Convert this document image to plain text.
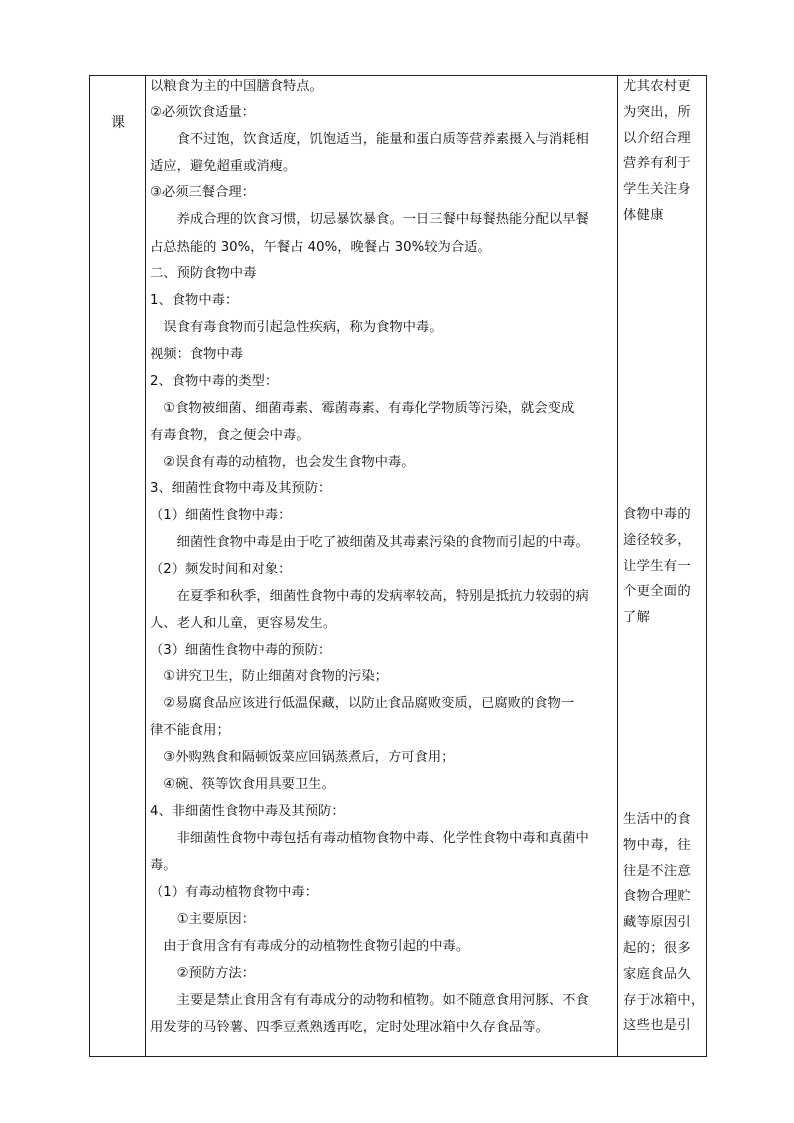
课
以粮食为主的中国膳食特点。
②必须饮食适量：
　　食不过饱，饮食适度，饥饱适当，能量和蛋白质等营养素摄入与消耗相
适应，避免超重或消瘦。
③必须三餐合理：
　　养成合理的饮食习惯，切忌暴饮暴食。一日三餐中每餐热能分配以早餐
占总热能的 30%，午餐占 40%，晚餐占 30%较为合适。
二、预防食物中毒
1、食物中毒：
　误食有毒食物而引起急性疾病，称为食物中毒。
视频：食物中毒
2、食物中毒的类型：
　①食物被细菌、细菌毒素、霉菌毒素、有毒化学物质等污染，就会变成
有毒食物，食之便会中毒。
　②误食有毒的动植物，也会发生食物中毒。
3、细菌性食物中毒及其预防：
（1）细菌性食物中毒：
　　细菌性食物中毒是由于吃了被细菌及其毒素污染的食物而引起的中毒。
（2）频发时间和对象：
　　在夏季和秋季，细菌性食物中毒的发病率较高，特别是抵抗力较弱的病
人、老人和儿童，更容易发生。
（3）细菌性食物中毒的预防：
　①讲究卫生，防止细菌对食物的污染；
　②易腐食品应该进行低温保藏，以防止食品腐败变质，已腐败的食物一
律不能食用；
　③外购熟食和隔顿饭菜应回锅蒸煮后，方可食用；
　④碗、筷等饮食用具要卫生。
4、非细菌性食物中毒及其预防：
　　非细菌性食物中毒包括有毒动植物食物中毒、化学性食物中毒和真菌中
毒。
（1）有毒动植物食物中毒：
　　①主要原因：
　由于食用含有有毒成分的动植物性食物引起的中毒。
　　②预防方法：
　　主要是禁止食用含有有毒成分的动物和植物。如不随意食用河豚、不食
用发芽的马铃薯、四季豆煮熟透再吃，定时处理冰箱中久存食品等。
尤其农村更
为突出，所
以介绍合理
营养有利于
学生关注身
体健康
食物中毒的
途径较多，
让学生有一
个更全面的
了解
生活中的食
物中毒，往
往是不注意
食物合理贮
藏等原因引
起的；很多
家庭食品久
存于冰箱中，
这些也是引
